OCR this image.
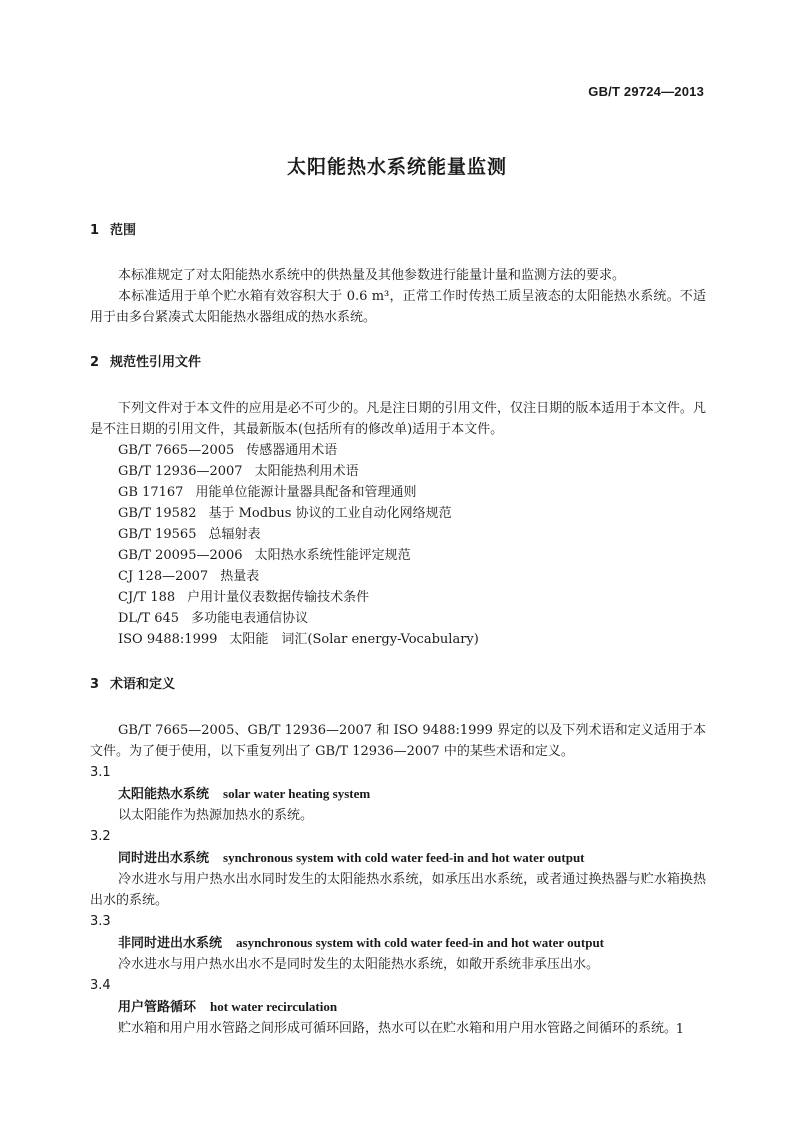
GB/T 29724—2013
太阳能热水系统能量监测

1 范围

本标准规定了对太阳能热水系统中的供热量及其他参数进行能量计量和监测方法的要求。

本标准适用于单个贮水箱有效容积大于 0.6 m³，正常工作时传热工质呈液态的太阳能热水系统。不适用于由多台紧凑式太阳能热水器组成的热水系统。

2 规范性引用文件

下列文件对于本文件的应用是必不可少的。凡是注日期的引用文件，仅注日期的版本适用于本文件。凡是不注日期的引用文件，其最新版本(包括所有的修改单)适用于本文件。

GB/T 7665—2005 传感器通用术语

GB/T 12936—2007 太阳能热利用术语

GB 17167 用能单位能源计量器具配备和管理通则

GB/T 19582 基于 Modbus 协议的工业自动化网络规范

GB/T 19565 总辐射表

GB/T 20095—2006 太阳热水系统性能评定规范

CJ 128—2007 热量表

CJ/T 188 户用计量仪表数据传输技术条件

DL/T 645 多功能电表通信协议

ISO 9488:1999 太阳能　词汇(Solar energy-Vocabulary)

3 术语和定义

GB/T 7665—2005、GB/T 12936—2007 和 ISO 9488:1999 界定的以及下列术语和定义适用于本文件。为了便于使用，以下重复列出了 GB/T 12936—2007 中的某些术语和定义。

3.1

太阳能热水系统 solar water heating system

以太阳能作为热源加热水的系统。

3.2

同时进出水系统 synchronous system with cold water feed-in and hot water output

冷水进水与用户热水出水同时发生的太阳能热水系统，如承压出水系统，或者通过换热器与贮水箱换热出水的系统。

3.3

非同时进出水系统 asynchronous system with cold water feed-in and hot water output

冷水进水与用户热水出水不是同时发生的太阳能热水系统，如敞开系统非承压出水。

3.4

用户管路循环 hot water recirculation

贮水箱和用户用水管路之间形成可循环回路，热水可以在贮水箱和用户用水管路之间循环的系统。

1
